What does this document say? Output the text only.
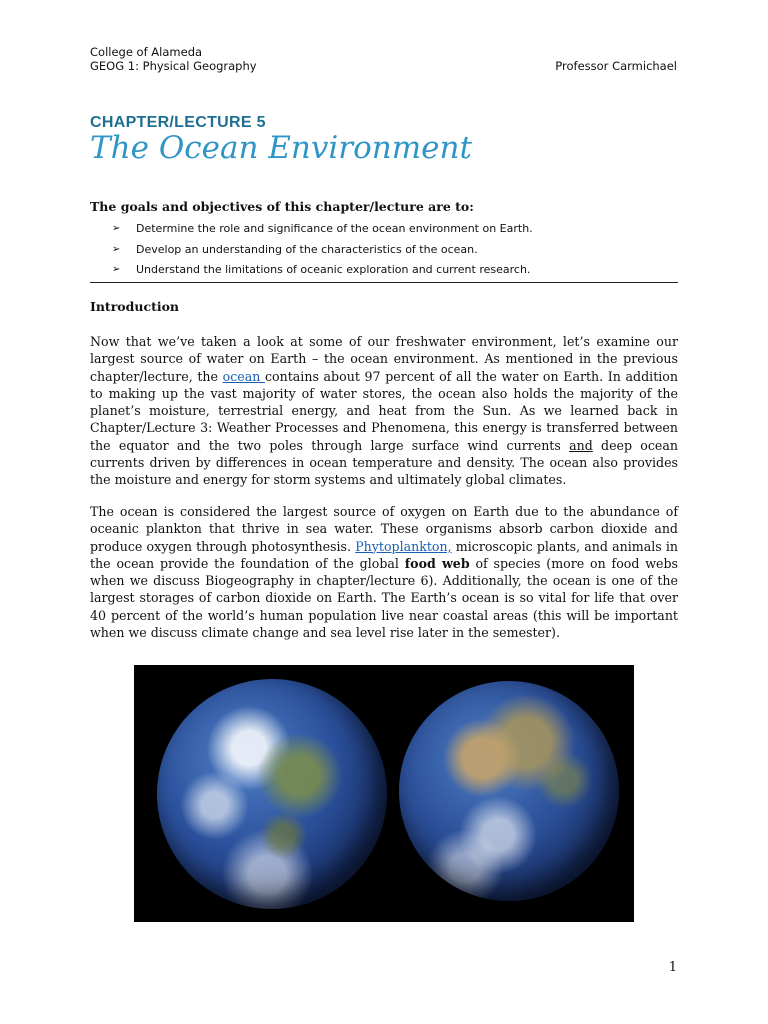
College of Alameda
GEOG 1: Physical Geography	Professor Carmichael
CHAPTER/LECTURE 5
The Ocean Environment
The goals and objectives of this chapter/lecture are to:
➢ Determine the role and significance of the ocean environment on Earth.
➢ Develop an understanding of the characteristics of the ocean.
➢ Understand the limitations of oceanic exploration and current research.
Introduction
Now that we’ve taken a look at some of our freshwater environment, let’s examine our largest source of water on Earth – the ocean environment. As mentioned in the previous chapter/lecture, the ocean contains about 97 percent of all the water on Earth. In addition to making up the vast majority of water stores, the ocean also holds the majority of the planet’s moisture, terrestrial energy, and heat from the Sun. As we learned back in Chapter/Lecture 3: Weather Processes and Phenomena, this energy is transferred between the equator and the two poles through large surface wind currents and deep ocean currents driven by differences in ocean temperature and density. The ocean also provides the moisture and energy for storm systems and ultimately global climates.
The ocean is considered the largest source of oxygen on Earth due to the abundance of oceanic plankton that thrive in sea water. These organisms absorb carbon dioxide and produce oxygen through photosynthesis. Phytoplankton, microscopic plants, and animals in the ocean provide the foundation of the global food web of species (more on food webs when we discuss Biogeography in chapter/lecture 6). Additionally, the ocean is one of the largest storages of carbon dioxide on Earth. The Earth’s ocean is so vital for life that over 40 percent of the world’s human population live near coastal areas (this will be important when we discuss climate change and sea level rise later in the semester).
1
